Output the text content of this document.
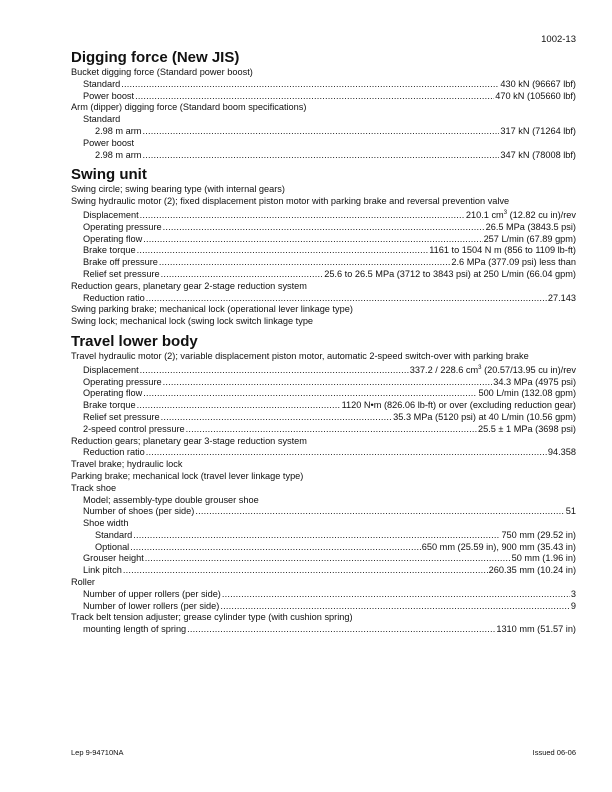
1002-13
Digging force (New JIS)
Bucket digging force (Standard power boost)
Standard .....	430 kN (96667 lbf)
Power boost .....	470 kN (105660 lbf)
Arm (dipper) digging force (Standard boom specifications)
Standard
2.98 m arm .....	317 kN (71264 lbf)
Power boost
2.98 m arm .....	347 kN (78008 lbf)
Swing unit
Swing circle; swing bearing type (with internal gears)
Swing hydraulic motor (2); fixed displacement piston motor with parking brake and reversal prevention valve
Displacement .....	210.1 $cm^3$ (12.82 cu in)/rev
Operating pressure .....	26.5 MPa (3843.5 psi)
Operating flow .....	257 L/min (67.89 gpm)
Brake torque .....	1161 to 1504 N m (856 to 1109 lb-ft)
Brake off pressure .....	2.6 MPa (377.09 psi) less than
Relief set pressure .....	25.6 to 26.5 MPa (3712 to 3843 psi) at 250 L/min (66.04 gpm)
Reduction gears, planetary gear 2-stage reduction system
Reduction ratio .....	27.143
Swing parking brake; mechanical lock (operational lever linkage type)
Swing lock; mechanical lock (swing lock switch linkage type
Travel lower body
Travel hydraulic motor (2); variable displacement piston motor, automatic 2-speed switch-over with parking brake
Displacement .....	337.2 / 228.6 $cm^3$ (20.57/13.95 cu in)/rev
Operating pressure .....	34.3 MPa (4975 psi)
Operating flow .....	500 L/min (132.08 gpm)
Brake torque .....	1120 N•m (826.06 lb-ft) or over (excluding reduction gear)
Relief set pressure .....	35.3 MPa (5120 psi) at 40 L/min (10.56 gpm)
2-speed control pressure .....	25.5 ± 1 MPa (3698 psi)
Reduction gears; planetary gear 3-stage reduction system
Reduction ratio .....	94.358
Travel brake; hydraulic lock
Parking brake; mechanical lock (travel lever linkage type)
Track shoe
Model; assembly-type double grouser shoe
Number of shoes (per side) .....	51
Shoe width
Standard .....	750 mm (29.52 in)
Optional .....	650 mm (25.59 in), 900 mm (35.43 in)
Grouser height .....	50 mm (1.96 in)
Link pitch .....	260.35 mm (10.24 in)
Roller
Number of upper rollers (per side) .....	3
Number of lower rollers (per side) .....	9
Track belt tension adjuster; grease cylinder type (with cushion spring)
mounting length of spring .....	1310 mm (51.57 in)
Lep 9-94710NA	Issued 06-06
